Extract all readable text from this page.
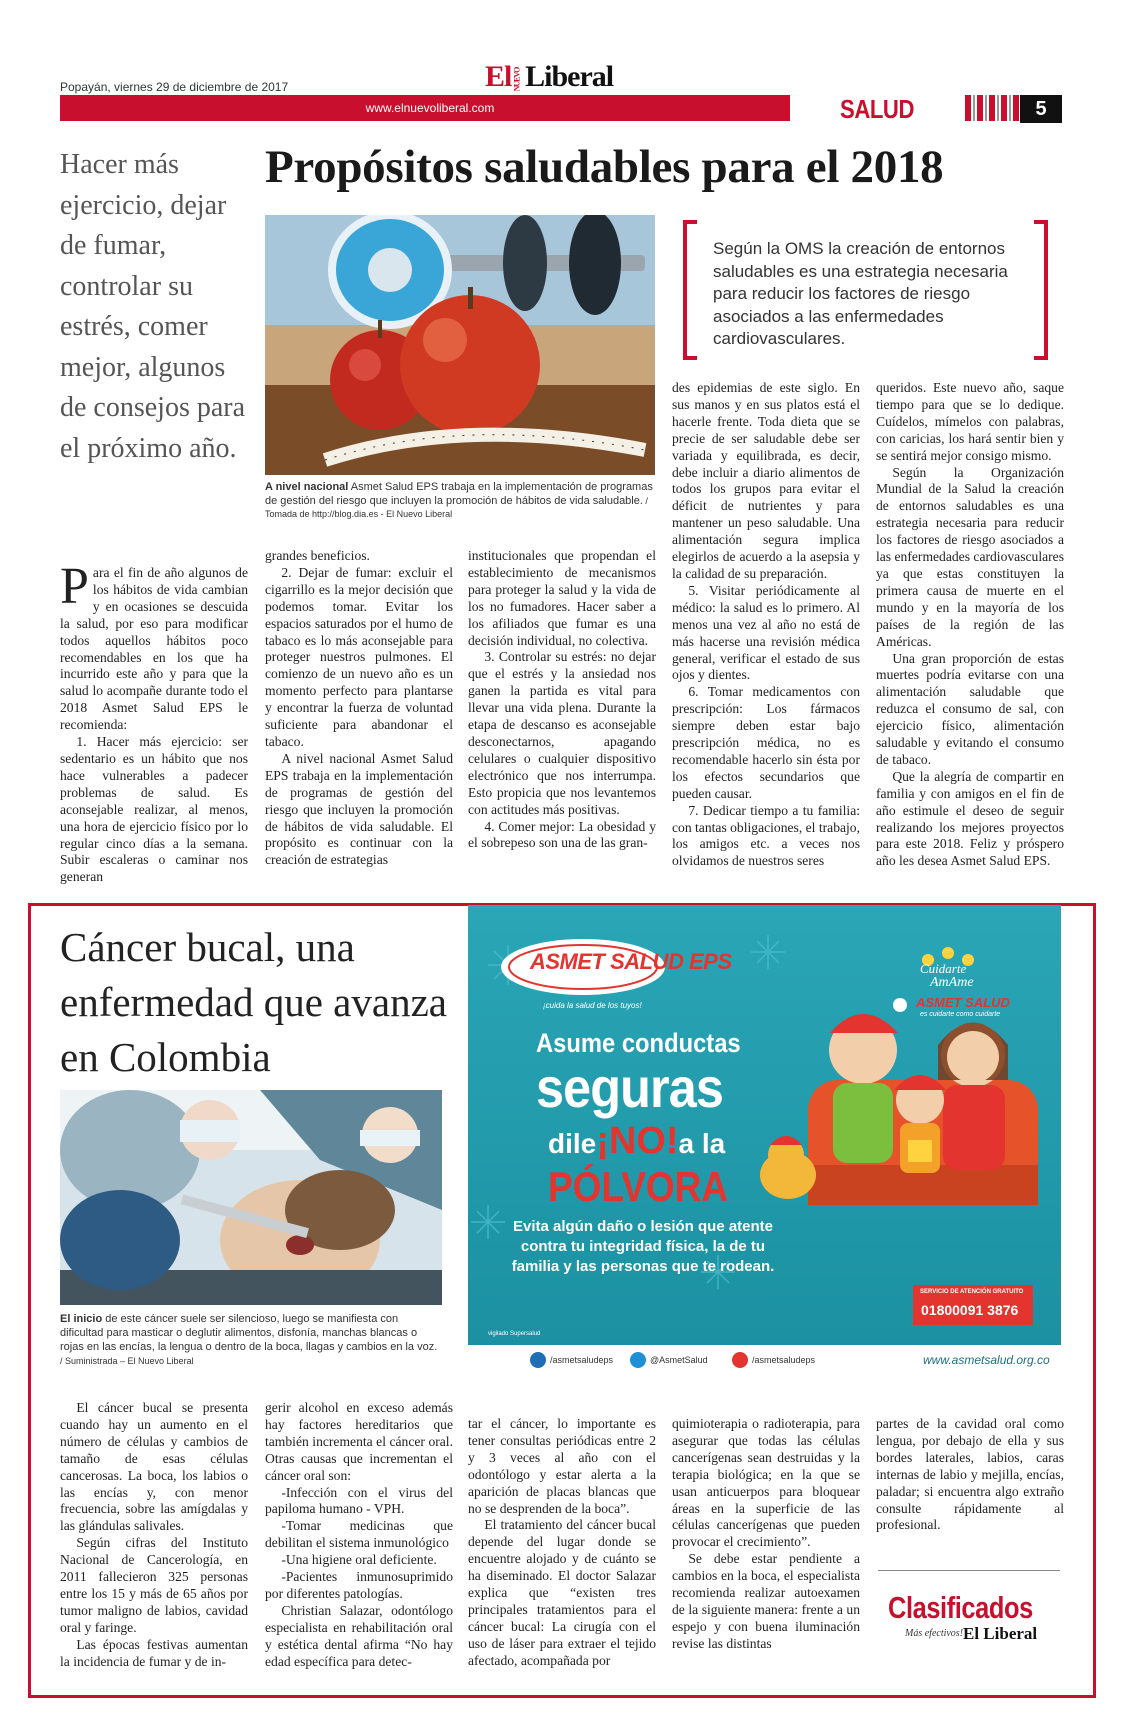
Popayán, viernes 29 de diciembre de 2017	ElNUEVO Liberal
www.elnuevoliberal.com	SALUD	5
Hacer más ejercicio, dejar de fumar, controlar su estrés, comer mejor, algunos de consejos para el próximo año.
Propósitos saludables para el 2018
A nivel nacional Asmet Salud EPS trabaja en la implementación de programas de gestión del riesgo que incluyen la promoción de hábitos de vida saludable. / Tomada de http://blog.dia.es - El Nuevo Liberal
Según la OMS la creación de entornos saludables es una estrategia necesaria para reducir los factores de riesgo asociados a las enfermedades cardiovasculares.

Para el fin de año algunos de los hábitos de vida cambian y en ocasiones se descuida la salud, por eso para modificar todos aquellos hábitos poco recomendables en los que ha incurrido este año y para que la salud lo acompañe durante todo el 2018 Asmet Salud EPS le recomienda:

1. Hacer más ejercicio: ser sedentario es un hábito que nos hace vulnerables a padecer problemas de salud. Es aconsejable realizar, al menos, una hora de ejercicio físico por lo regular cinco días a la semana. Subir escaleras o caminar nos generan

grandes beneficios.

2. Dejar de fumar: excluir el cigarrillo es la mejor decisión que podemos tomar. Evitar los espacios saturados por el humo de tabaco es lo más aconsejable para proteger nuestros pulmones. El comienzo de un nuevo año es un momento perfecto para plantarse y encontrar la fuerza de voluntad suficiente para abandonar el tabaco.

A nivel nacional Asmet Salud EPS trabaja en la implementación de programas de gestión del riesgo que incluyen la promoción de hábitos de vida saludable. El propósito es continuar con la creación de estrategias

institucionales que propendan el establecimiento de mecanismos para proteger la salud y la vida de los no fumadores. Hacer saber a los afiliados que fumar es una decisión individual, no colectiva.

3. Controlar su estrés: no dejar que el estrés y la ansiedad nos ganen la partida es vital para llevar una vida plena. Durante la etapa de descanso es aconsejable desconectarnos, apagando celulares o cualquier dispositivo electrónico que nos interrumpa. Esto propicia que nos levantemos con actitudes más positivas.

4. Comer mejor: La obesidad y el sobrepeso son una de las gran-

des epidemias de este siglo. En sus manos y en sus platos está el hacerle frente. Toda dieta que se precie de ser saludable debe ser variada y equilibrada, es decir, debe incluir a diario alimentos de todos los grupos para evitar el déficit de nutrientes y para mantener un peso saludable. Una alimentación segura implica elegirlos de acuerdo a la asepsia y la calidad de su preparación.

5. Visitar periódicamente al médico: la salud es lo primero. Al menos una vez al año no está de más hacerse una revisión médica general, verificar el estado de sus ojos y dientes.

6. Tomar medicamentos con prescripción: Los fármacos siempre deben estar bajo prescripción médica, no es recomendable hacerlo sin ésta por los efectos secundarios que pueden causar.

7. Dedicar tiempo a tu familia: con tantas obligaciones, el trabajo, los amigos etc. a veces nos olvidamos de nuestros seres

queridos. Este nuevo año, saque tiempo para que se lo dedique. Cuídelos, mímelos con palabras, con caricias, los hará sentir bien y se sentirá mejor consigo mismo.

Según la Organización Mundial de la Salud la creación de entornos saludables es una estrategia necesaria para reducir los factores de riesgo asociados a las enfermedades cardiovasculares ya que estas constituyen la primera causa de muerte en el mundo y en la mayoría de los países de la región de las Américas.

Una gran proporción de estas muertes podría evitarse con una alimentación saludable que reduzca el consumo de sal, con ejercicio físico, alimentación saludable y evitando el consumo de tabaco.

Que la alegría de compartir en familia y con amigos en el fin de año estimule el deseo de seguir realizando los mejores proyectos para este 2018. Feliz y próspero año les desea Asmet Salud EPS.

Cáncer bucal, una enfermedad que avanza en Colombia
El inicio de este cáncer suele ser silencioso, luego se manifiesta con dificultad para masticar o deglutir alimentos, disfonía, manchas blancas o rojas en las encías, la lengua o dentro de la boca, llagas y cambios en la voz. / Suministrada – El Nuevo Liberal
ASMET SALUD EPS
¡cuida la salud de los tuyos!
Cuidarte
AmAme
ASMET SALUD
es cuidarte como cuidarte
Asume conductas
seguras
dile¡NO!a la
PÓLVORA
Evita algún daño o lesión que atente contra tu integridad física, la de tu familia y las personas que te rodean.
vigilado Supersalud
SERVICIO DE ATENCIÓN GRATUITO
01800091 3876
/asmetsaludeps	@AsmetSalud	/asmetsaludeps	www.asmetsalud.org.co

El cáncer bucal se presenta cuando hay un aumento en el número de células y cambios de tamaño de esas células cancerosas. La boca, los labios o las encías y, con menor frecuencia, sobre las amígdalas y las glándulas salivales.

Según cifras del Instituto Nacional de Cancerología, en 2011 fallecieron 325 personas entre los 15 y más de 65 años por tumor maligno de labios, cavidad oral y faringe.

Las épocas festivas aumentan la incidencia de fumar y de in-

gerir alcohol en exceso además hay factores hereditarios que también incrementa el cáncer oral. Otras causas que incrementan el cáncer oral son:

-Infección con el virus del papiloma humano - VPH.

-Tomar medicinas que debilitan el sistema inmunológico

-Una higiene oral deficiente.

-Pacientes inmunosuprimido por diferentes patologías.

Christian Salazar, odontólogo especialista en rehabilitación oral y estética dental afirma “No hay edad específica para detec-

tar el cáncer, lo importante es tener consultas periódicas entre 2 y 3 veces al año con el odontólogo y estar alerta a la aparición de placas blancas que no se desprenden de la boca”.

El tratamiento del cáncer bucal depende del lugar donde se encuentre alojado y de cuánto se ha diseminado. El doctor Salazar explica que “existen tres principales tratamientos para el cáncer bucal: La cirugía con el uso de láser para extraer el tejido afectado, acompañada por

quimioterapia o radioterapia, para asegurar que todas las células cancerígenas sean destruidas y la terapia biológica; en la que se usan anticuerpos para bloquear áreas en la superficie de las células cancerígenas que pueden provocar el crecimiento”.

Se debe estar pendiente a cambios en la boca, el especialista recomienda realizar autoexamen de la siguiente manera: frente a un espejo y con buena iluminación revise las distintas

partes de la cavidad oral como lengua, por debajo de ella y sus bordes laterales, labios, caras internas de labio y mejilla, encías, paladar; si encuentra algo extraño consulte rápidamente al profesional.

Clasificados
Más efectivos! El Liberal
